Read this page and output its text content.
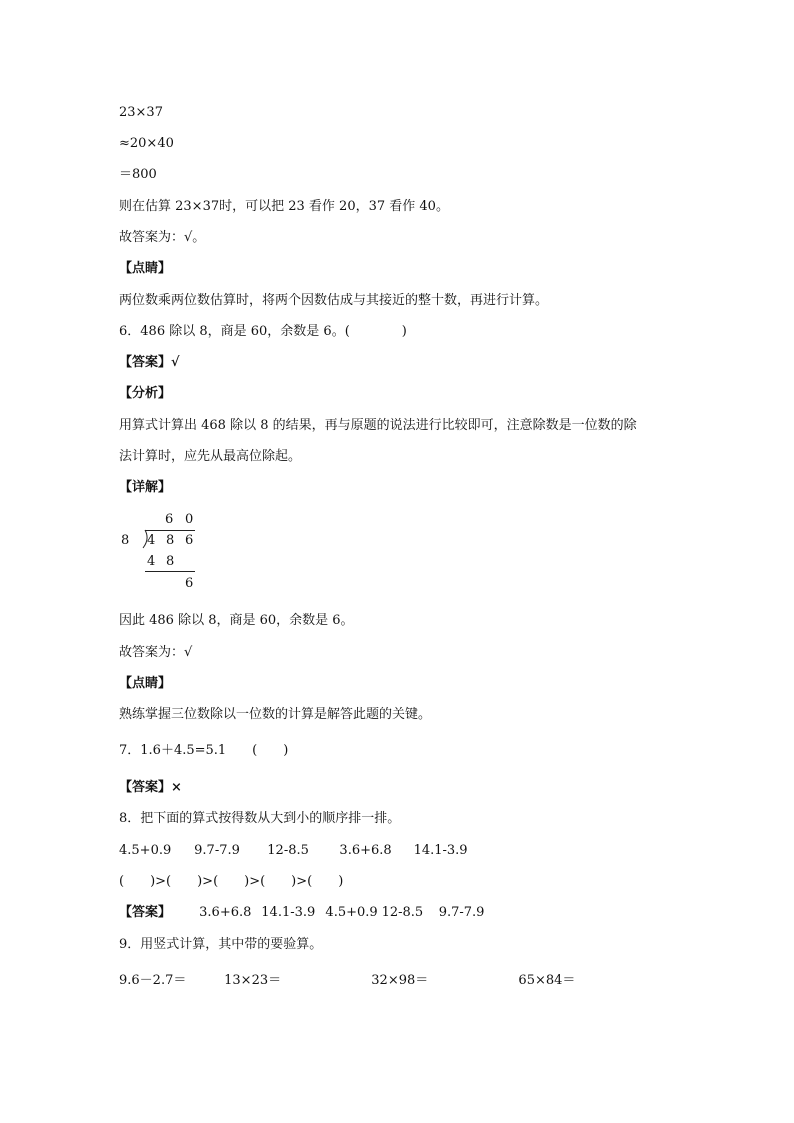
23×37
≈20×40
＝800
则在估算 23×37时，可以把 23 看作 20，37 看作 40。
故答案为：√。
【点睛】
两位数乘两位数估算时，将两个因数估成与其接近的整十数，再进行计算。
6．486 除以 8，商是 60，余数是 6。(　　　　)
【答案】√
【分析】
用算式计算出 468 除以 8 的结果，再与原题的说法进行比较即可，注意除数是一位数的除
法计算时，应先从最高位除起。
【详解】
6 0
8 4 8 6
4 8
6
因此 486 除以 8，商是 60，余数是 6。
故答案为：√
【点睛】
熟练掌握三位数除以一位数的计算是解答此题的关键。
7．1.6＋4.5=5.1　　(　　)
【答案】×
8．把下面的算式按得数从大到小的顺序排一排。
4.5+0.9 9.7-7.9 12-8.5 3.6+6.8 14.1-3.9
(　　)>(　　)>(　　)>(　　)>(　　)
【答案】 3.6+6.8 14.1-3.9 4.5+0.9 12-8.5 9.7-7.9
9．用竖式计算，其中带的要验算。
9.6－2.7＝	13×23＝	32×98＝	65×84＝
